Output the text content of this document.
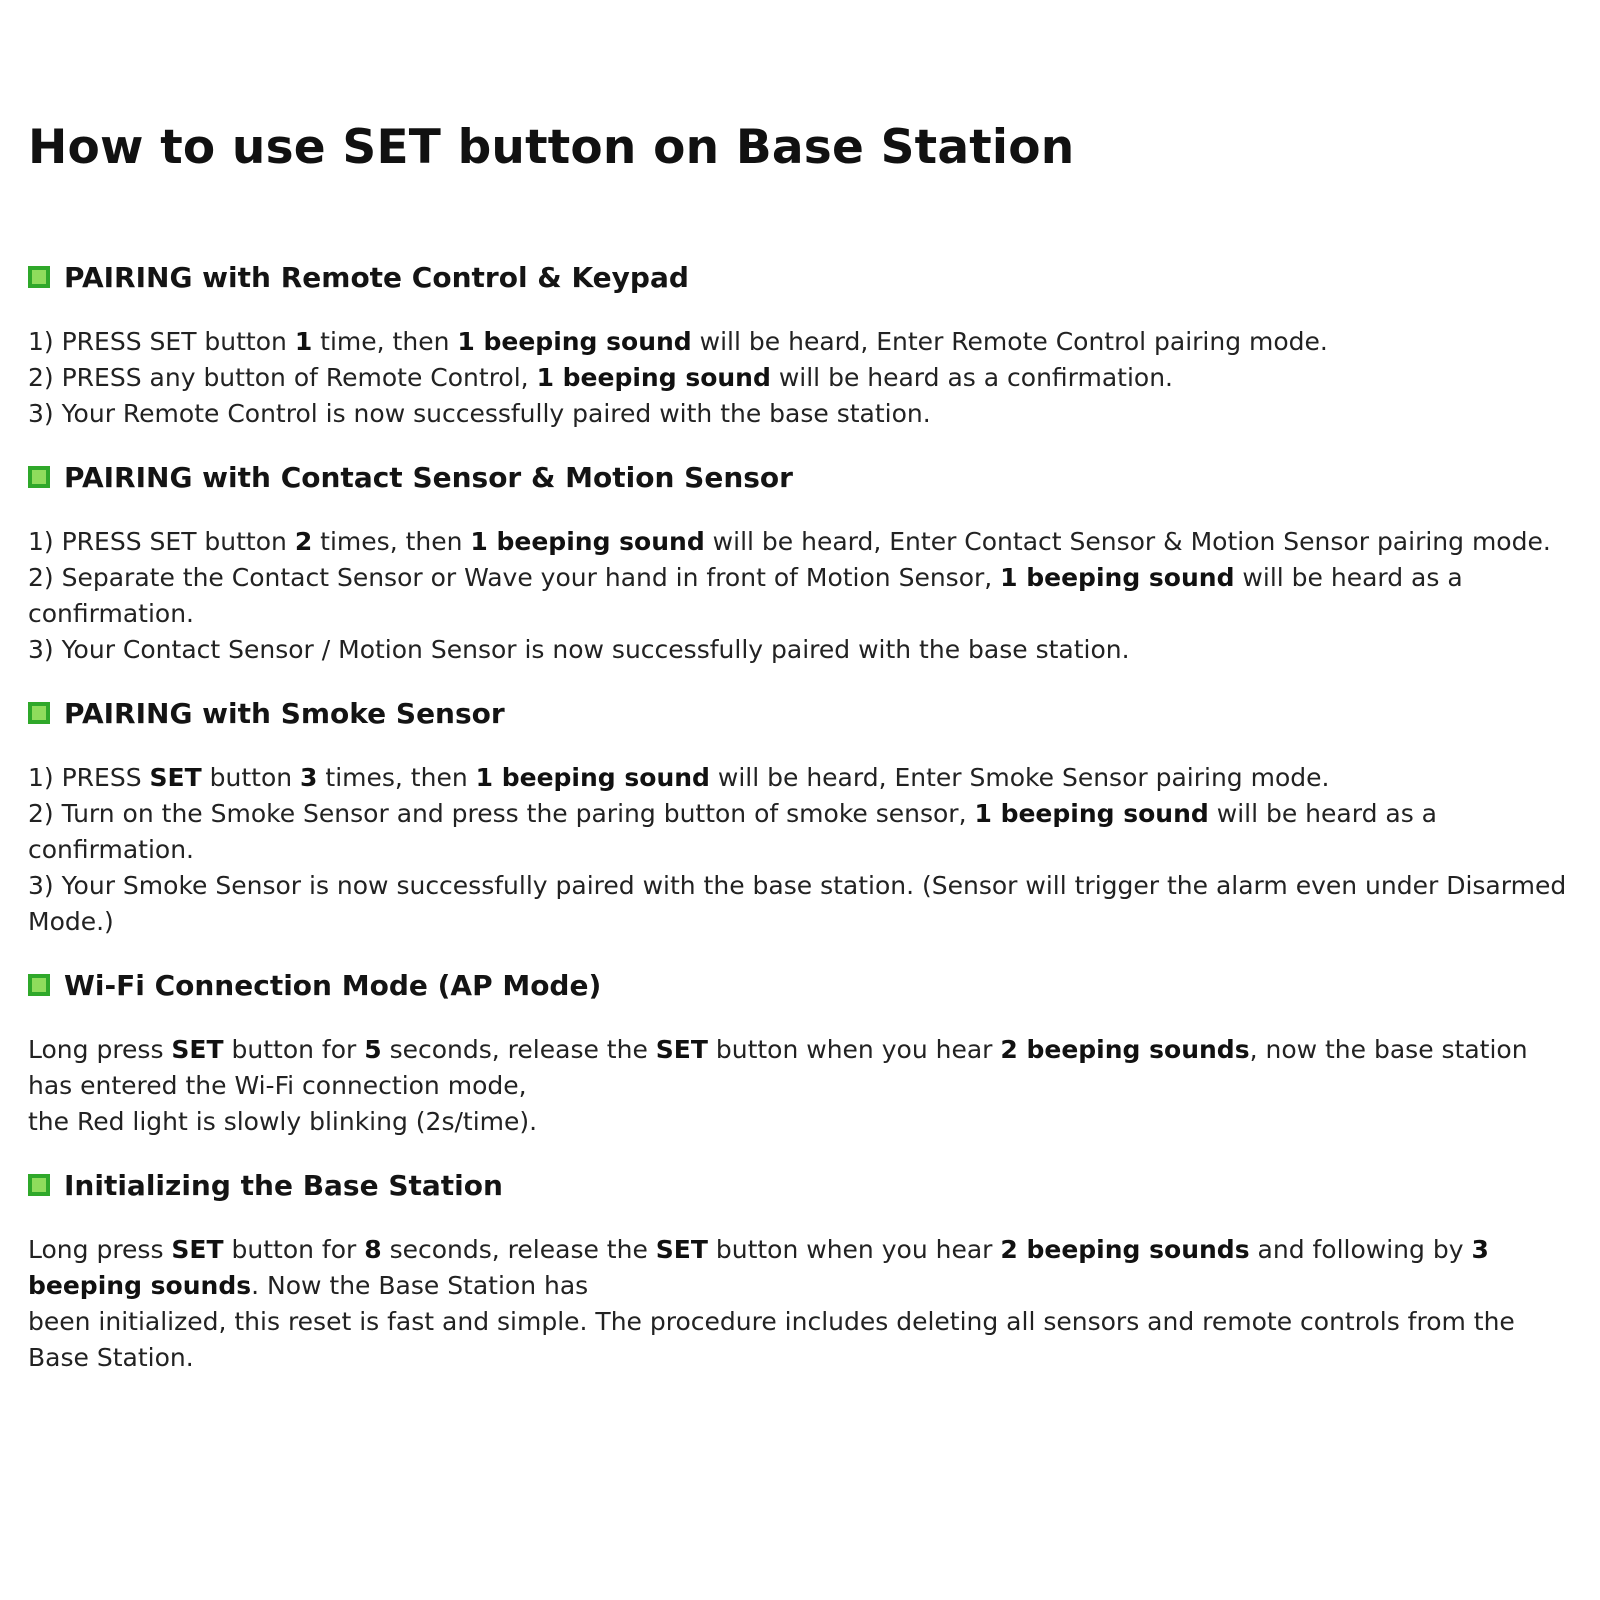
How to use SET button on Base Station
PAIRING with Remote Control & Keypad
1) PRESS SET button 1 time, then 1 beeping sound will be heard, Enter Remote Control pairing mode.
2) PRESS any button of Remote Control, 1 beeping sound will be heard as a confirmation.
3) Your Remote Control is now successfully paired with the base station.
PAIRING with Contact Sensor & Motion Sensor
1) PRESS SET button 2 times, then 1 beeping sound will be heard, Enter Contact Sensor & Motion Sensor pairing mode.
2) Separate the Contact Sensor or Wave your hand in front of Motion Sensor, 1 beeping sound will be heard as a confirmation.
3) Your Contact Sensor / Motion Sensor is now successfully paired with the base station.
PAIRING with Smoke Sensor
1) PRESS SET button 3 times, then 1 beeping sound will be heard, Enter Smoke Sensor pairing mode.
2) Turn on the Smoke Sensor and press the paring button of smoke sensor, 1 beeping sound will be heard as a confirmation.
3) Your Smoke Sensor is now successfully paired with the base station. (Sensor will trigger the alarm even under Disarmed Mode.)
Wi-Fi Connection Mode (AP Mode)
Long press SET button for 5 seconds, release the SET button when you hear 2 beeping sounds, now the base station has entered the Wi-Fi connection mode,
the Red light is slowly blinking (2s/time).
Initializing the Base Station
Long press SET button for 8 seconds, release the SET button when you hear 2 beeping sounds and following by 3 beeping sounds. Now the Base Station has
been initialized, this reset is fast and simple. The procedure includes deleting all sensors and remote controls from the Base Station.
